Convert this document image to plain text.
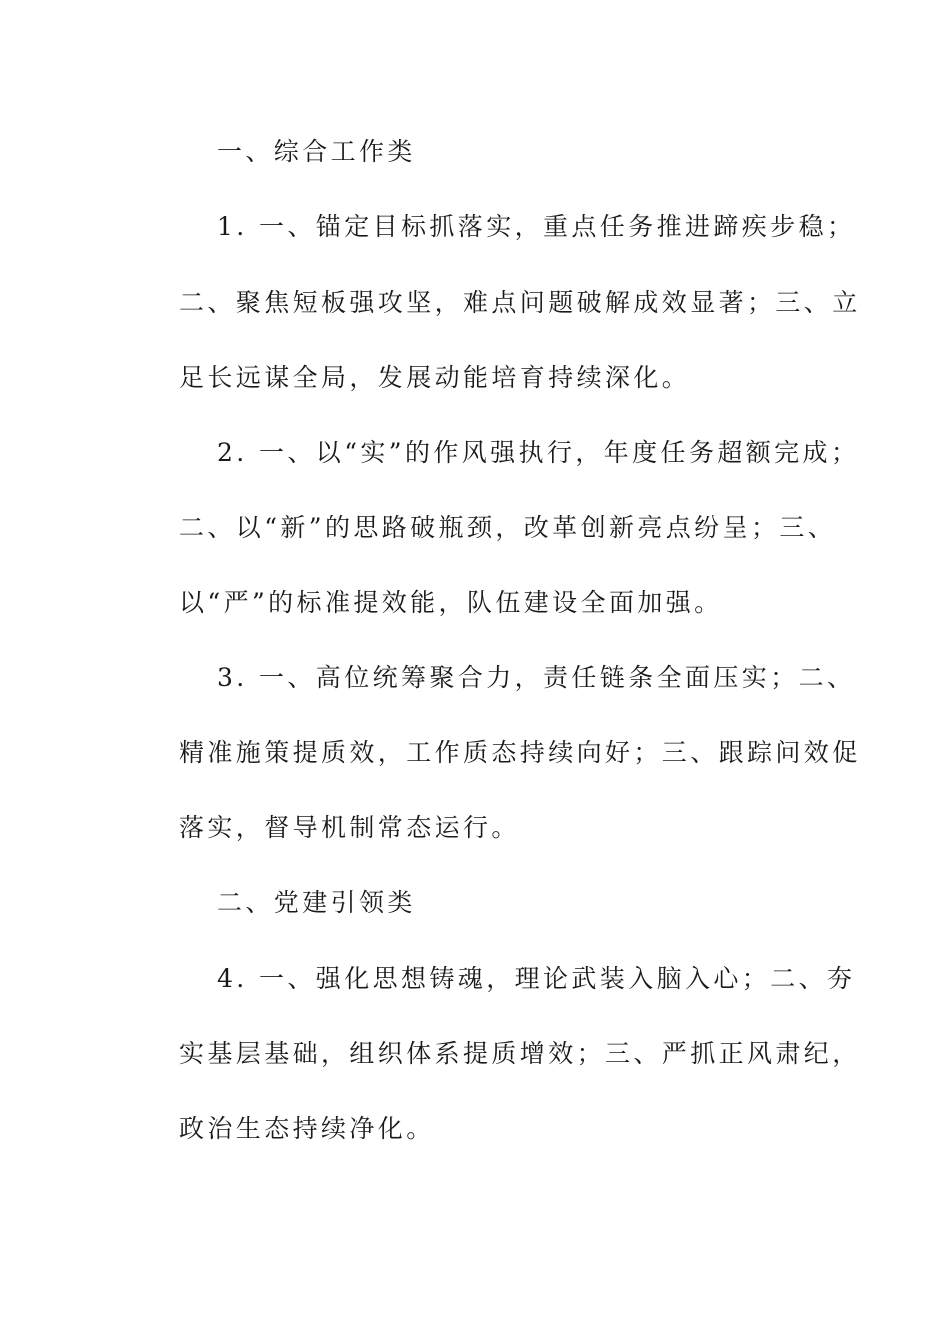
一、综合工作类
1. 一、锚定目标抓落实，重点任务推进蹄疾步稳；
二、聚焦短板强攻坚，难点问题破解成效显著；三、立
足长远谋全局，发展动能培育持续深化。
2. 一、以“实”的作风强执行，年度任务超额完成；
二、以“新”的思路破瓶颈，改革创新亮点纷呈；三、
以“严”的标准提效能，队伍建设全面加强。
3. 一、高位统筹聚合力，责任链条全面压实；二、
精准施策提质效，工作质态持续向好；三、跟踪问效促
落实，督导机制常态运行。
二、党建引领类
4. 一、强化思想铸魂，理论武装入脑入心；二、夯
实基层基础，组织体系提质增效；三、严抓正风肃纪，
政治生态持续净化。
